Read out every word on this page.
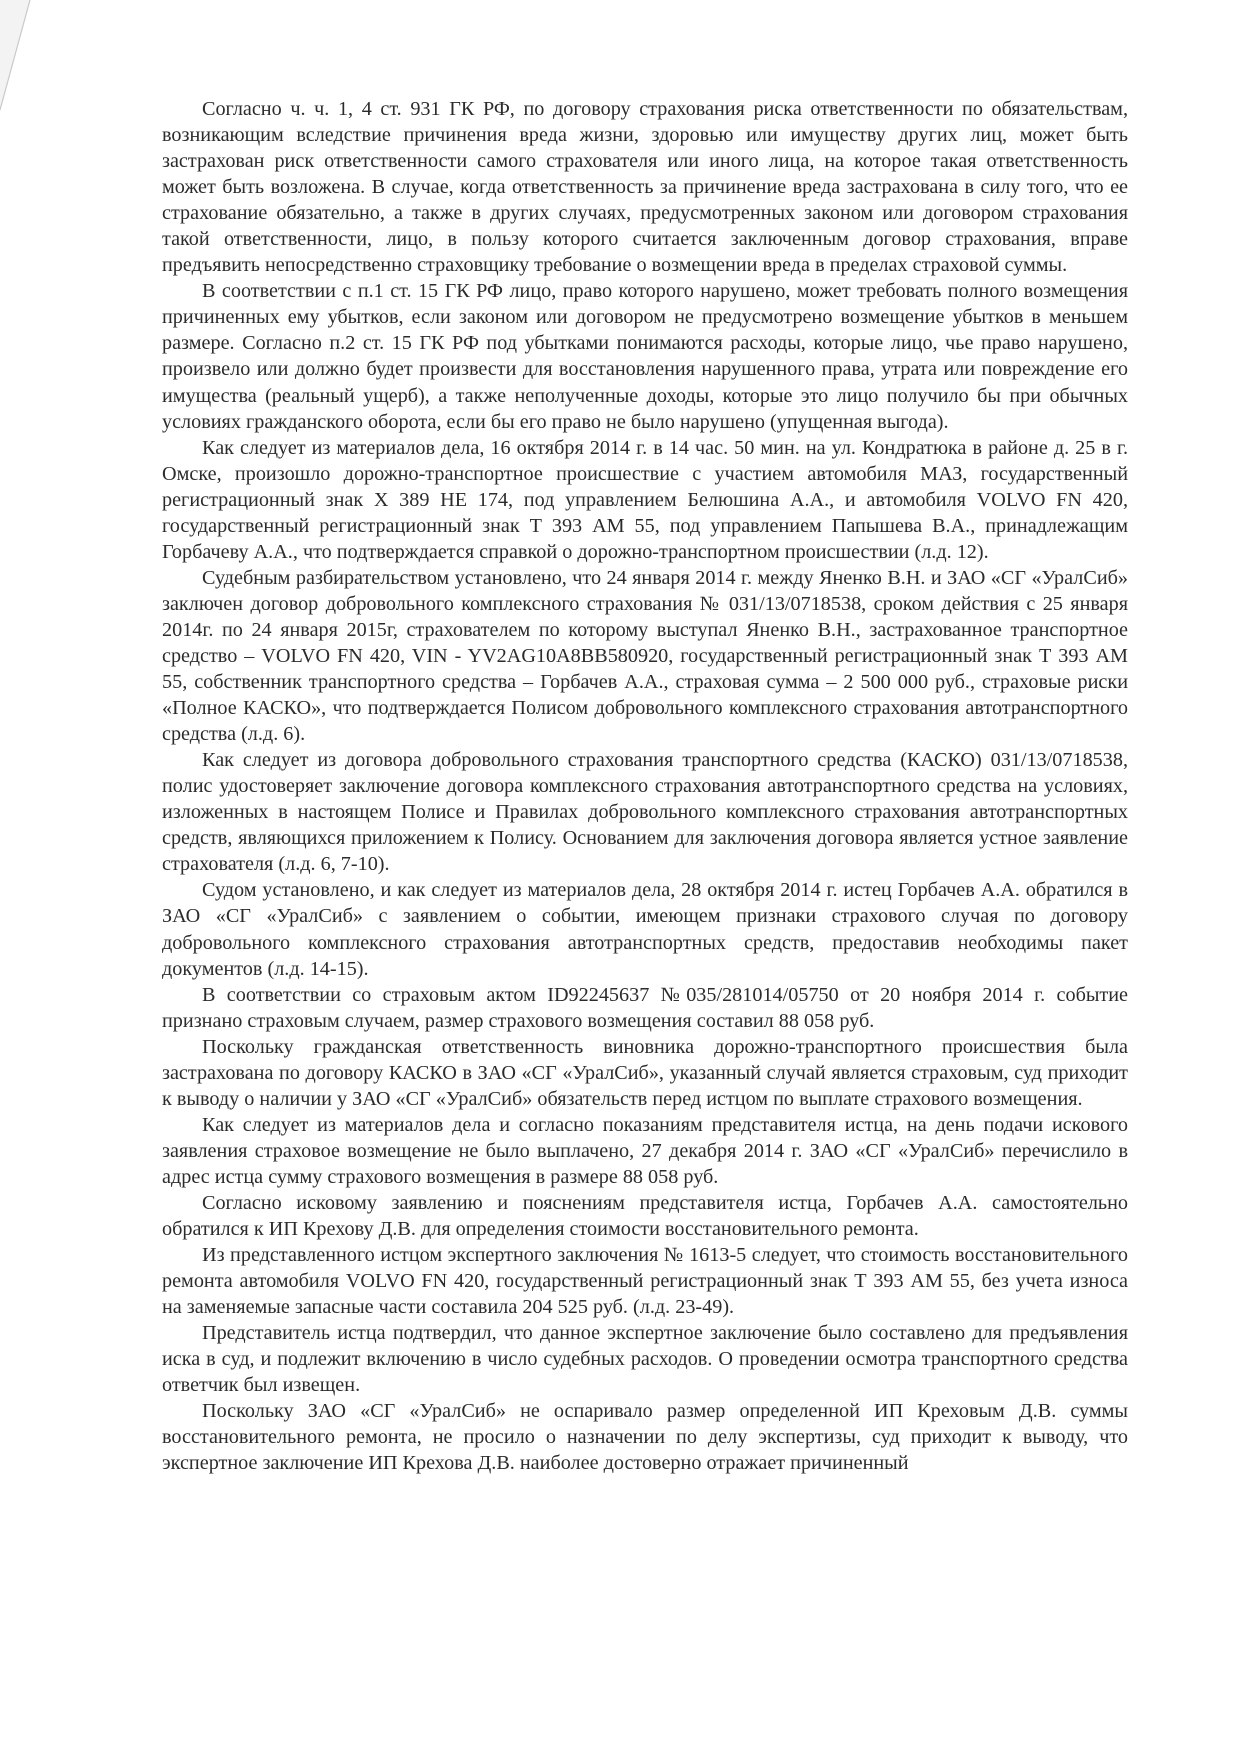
Согласно ч. ч. 1, 4 ст. 931 ГК РФ, по договору страхования риска ответственности по обязательствам, возникающим вследствие причинения вреда жизни, здоровью или имуществу других лиц, может быть застрахован риск ответственности самого страхователя или иного лица, на которое такая ответственность может быть возложена. В случае, когда ответственность за причинение вреда застрахована в силу того, что ее страхование обязательно, а также в других случаях, предусмотренных законом или договором страхования такой ответственности, лицо, в пользу которого считается заключенным договор страхования, вправе предъявить непосредственно страховщику требование о возмещении вреда в пределах страховой суммы.

В соответствии с п.1 ст. 15 ГК РФ лицо, право которого нарушено, может требовать полного возмещения причиненных ему убытков, если законом или договором не предусмотрено возмещение убытков в меньшем размере. Согласно п.2 ст. 15 ГК РФ под убытками понимаются расходы, которые лицо, чье право нарушено, произвело или должно будет произвести для восстановления нарушенного права, утрата или повреждение его имущества (реальный ущерб), а также неполученные доходы, которые это лицо получило бы при обычных условиях гражданского оборота, если бы его право не было нарушено (упущенная выгода).

Как следует из материалов дела, 16 октября 2014 г. в 14 час. 50 мин. на ул. Кондратюка в районе д. 25 в г. Омске, произошло дорожно-транспортное происшествие с участием автомобиля МАЗ, государственный регистрационный знак Х 389 НЕ 174, под управлением Белюшина А.А., и автомобиля VOLVO FN 420, государственный регистрационный знак Т 393 АМ 55, под управлением Папышева В.А., принадлежащим Горбачеву А.А., что подтверждается справкой о дорожно-транспортном происшествии (л.д. 12).

Судебным разбирательством установлено, что 24 января 2014 г. между Яненко В.Н. и ЗАО «СГ «УралСиб» заключен договор добровольного комплексного страхования № 031/13/0718538, сроком действия с 25 января 2014г. по 24 января 2015г, страхователем по которому выступал Яненко В.Н., застрахованное транспортное средство – VOLVO FN 420, VIN - YV2AG10A8BB580920, государственный регистрационный знак Т 393 АМ 55, собственник транспортного средства – Горбачев А.А., страховая сумма – 2 500 000 руб., страховые риски «Полное КАСКО», что подтверждается Полисом добровольного комплексного страхования автотранспортного средства (л.д. 6).

Как следует из договора добровольного страхования транспортного средства (КАСКО) 031/13/0718538, полис удостоверяет заключение договора комплексного страхования автотранспортного средства на условиях, изложенных в настоящем Полисе и Правилах добровольного комплексного страхования автотранспортных средств, являющихся приложением к Полису. Основанием для заключения договора является устное заявление страхователя (л.д. 6, 7-10).

Судом установлено, и как следует из материалов дела, 28 октября 2014 г. истец Горбачев А.А. обратился в ЗАО «СГ «УралСиб» с заявлением о событии, имеющем признаки страхового случая по договору добровольного комплексного страхования автотранспортных средств, предоставив необходимы пакет документов (л.д. 14-15).

В соответствии со страховым актом ID92245637 №035/281014/05750 от 20 ноября 2014 г. событие признано страховым случаем, размер страхового возмещения составил 88 058 руб.

Поскольку гражданская ответственность виновника дорожно-транспортного происшествия была застрахована по договору КАСКО в ЗАО «СГ «УралСиб», указанный случай является страховым, суд приходит к выводу о наличии у ЗАО «СГ «УралСиб» обязательств перед истцом по выплате страхового возмещения.

Как следует из материалов дела и согласно показаниям представителя истца, на день подачи искового заявления страховое возмещение не было выплачено, 27 декабря 2014 г. ЗАО «СГ «УралСиб» перечислило в адрес истца сумму страхового возмещения в размере 88 058 руб.

Согласно исковому заявлению и пояснениям представителя истца, Горбачев А.А. самостоятельно обратился к ИП Крехову Д.В. для определения стоимости восстановительного ремонта.

Из представленного истцом экспертного заключения № 1613-5 следует, что стоимость восстановительного ремонта автомобиля VOLVO FN 420, государственный регистрационный знак Т 393 АМ 55, без учета износа на заменяемые запасные части составила 204 525 руб. (л.д. 23-49).

Представитель истца подтвердил, что данное экспертное заключение было составлено для предъявления иска в суд, и подлежит включению в число судебных расходов. О проведении осмотра транспортного средства ответчик был извещен.

Поскольку ЗАО «СГ «УралСиб» не оспаривало размер определенной ИП Креховым Д.В. суммы восстановительного ремонта, не просило о назначении по делу экспертизы, суд приходит к выводу, что экспертное заключение ИП Крехова Д.В. наиболее достоверно отражает причиненный
